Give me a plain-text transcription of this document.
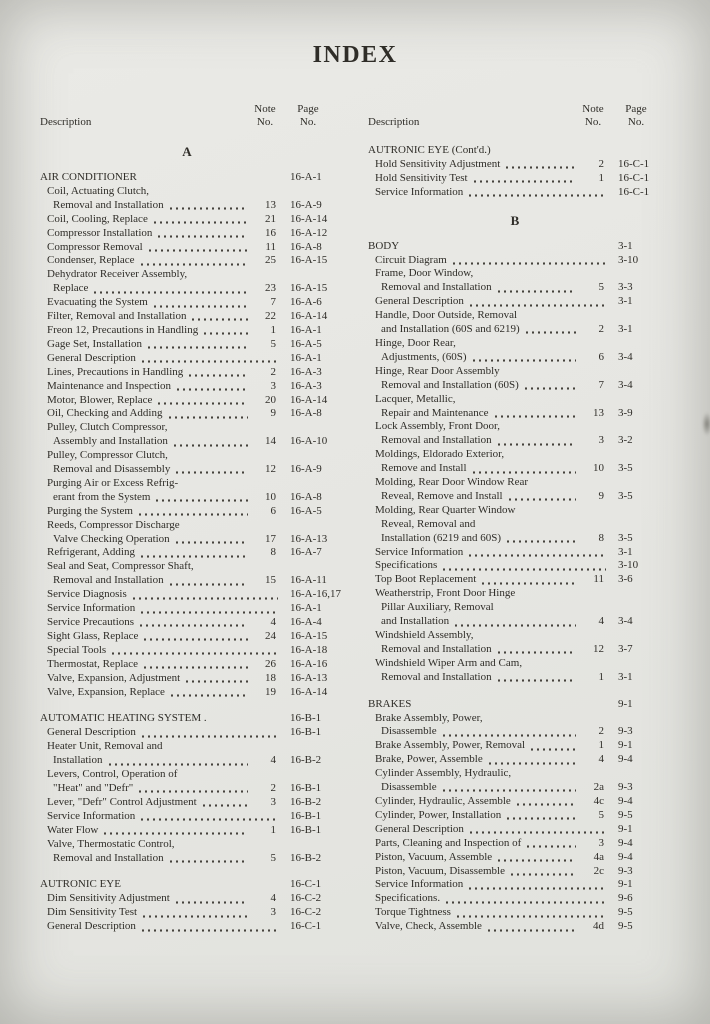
INDEX
Description
Note
No.
Page
No.
A
AIR CONDITIONER	16-A-1
Coil, Actuating Clutch,
Removal and Installation	13	16-A-9
Coil, Cooling, Replace	21	16-A-14
Compressor Installation	16	16-A-12
Compressor Removal	11	16-A-8
Condenser, Replace	25	16-A-15
Dehydrator Receiver Assembly,
Replace	23	16-A-15
Evacuating the System	7	16-A-6
Filter, Removal and Installation	22	16-A-14
Freon 12, Precautions in Handling	1	16-A-1
Gage Set, Installation	5	16-A-5
General Description	16-A-1
Lines, Precautions in Handling	2	16-A-3
Maintenance and Inspection	3	16-A-3
Motor, Blower, Replace	20	16-A-14
Oil, Checking and Adding	9	16-A-8
Pulley, Clutch Compressor,
Assembly and Installation	14	16-A-10
Pulley, Compressor Clutch,
Removal and Disassembly	12	16-A-9
Purging Air or Excess Refrig-
erant from the System	10	16-A-8
Purging the System	6	16-A-5
Reeds, Compressor Discharge
Valve Checking Operation	17	16-A-13
Refrigerant, Adding	8	16-A-7
Seal and Seat, Compressor Shaft,
Removal and Installation	15	16-A-11
Service Diagnosis	16-A-16,17
Service Information	16-A-1
Service Precautions	4	16-A-4
Sight Glass, Replace	24	16-A-15
Special Tools	16-A-18
Thermostat, Replace	26	16-A-16
Valve, Expansion, Adjustment	18	16-A-13
Valve, Expansion, Replace	19	16-A-14
AUTOMATIC HEATING SYSTEM .	16-B-1
General Description	16-B-1
Heater Unit, Removal and
Installation	4	16-B-2
Levers, Control, Operation of
"Heat" and "Defr"	2	16-B-1
Lever, "Defr" Control Adjustment	3	16-B-2
Service Information	16-B-1
Water Flow	1	16-B-1
Valve, Thermostatic Control,
Removal and Installation	5	16-B-2
AUTRONIC EYE	16-C-1
Dim Sensitivity Adjustment	4	16-C-2
Dim Sensitivity Test	3	16-C-2
General Description	16-C-1
Description
Note
No.
Page
No.
AUTRONIC EYE (Cont'd.)
Hold Sensitivity Adjustment	2	16-C-1
Hold Sensitivity Test	1	16-C-1
Service Information	16-C-1
B
BODY	3-1
Circuit Diagram	3-10
Frame, Door Window,
Removal and Installation	5	3-3
General Description	3-1
Handle, Door Outside, Removal
and Installation (60S and 6219)	2	3-1
Hinge, Door Rear,
Adjustments, (60S)	6	3-4
Hinge, Rear Door Assembly
Removal and Installation (60S)	7	3-4
Lacquer, Metallic,
Repair and Maintenance	13	3-9
Lock Assembly, Front Door,
Removal and Installation	3	3-2
Moldings, Eldorado Exterior,
Remove and Install	10	3-5
Molding, Rear Door Window Rear
Reveal, Remove and Install	9	3-5
Molding, Rear Quarter Window
Reveal, Removal and
Installation (6219 and 60S)	8	3-5
Service Information	3-1
Specifications	3-10
Top Boot Replacement	11	3-6
Weatherstrip, Front Door Hinge
Pillar Auxiliary, Removal
and Installation	4	3-4
Windshield Assembly,
Removal and Installation	12	3-7
Windshield Wiper Arm and Cam,
Removal and Installation	1	3-1
BRAKES	9-1
Brake Assembly, Power,
Disassemble	2	9-3
Brake Assembly, Power, Removal	1	9-1
Brake, Power, Assemble	4	9-4
Cylinder Assembly, Hydraulic,
Disassemble	2a	9-3
Cylinder, Hydraulic, Assemble	4c	9-4
Cylinder, Power, Installation	5	9-5
General Description	9-1
Parts, Cleaning and Inspection of	3	9-4
Piston, Vacuum, Assemble	4a	9-4
Piston, Vacuum, Disassemble	2c	9-3
Service Information	9-1
Specifications.	9-6
Torque Tightness	9-5
Valve, Check, Assemble	4d	9-5
